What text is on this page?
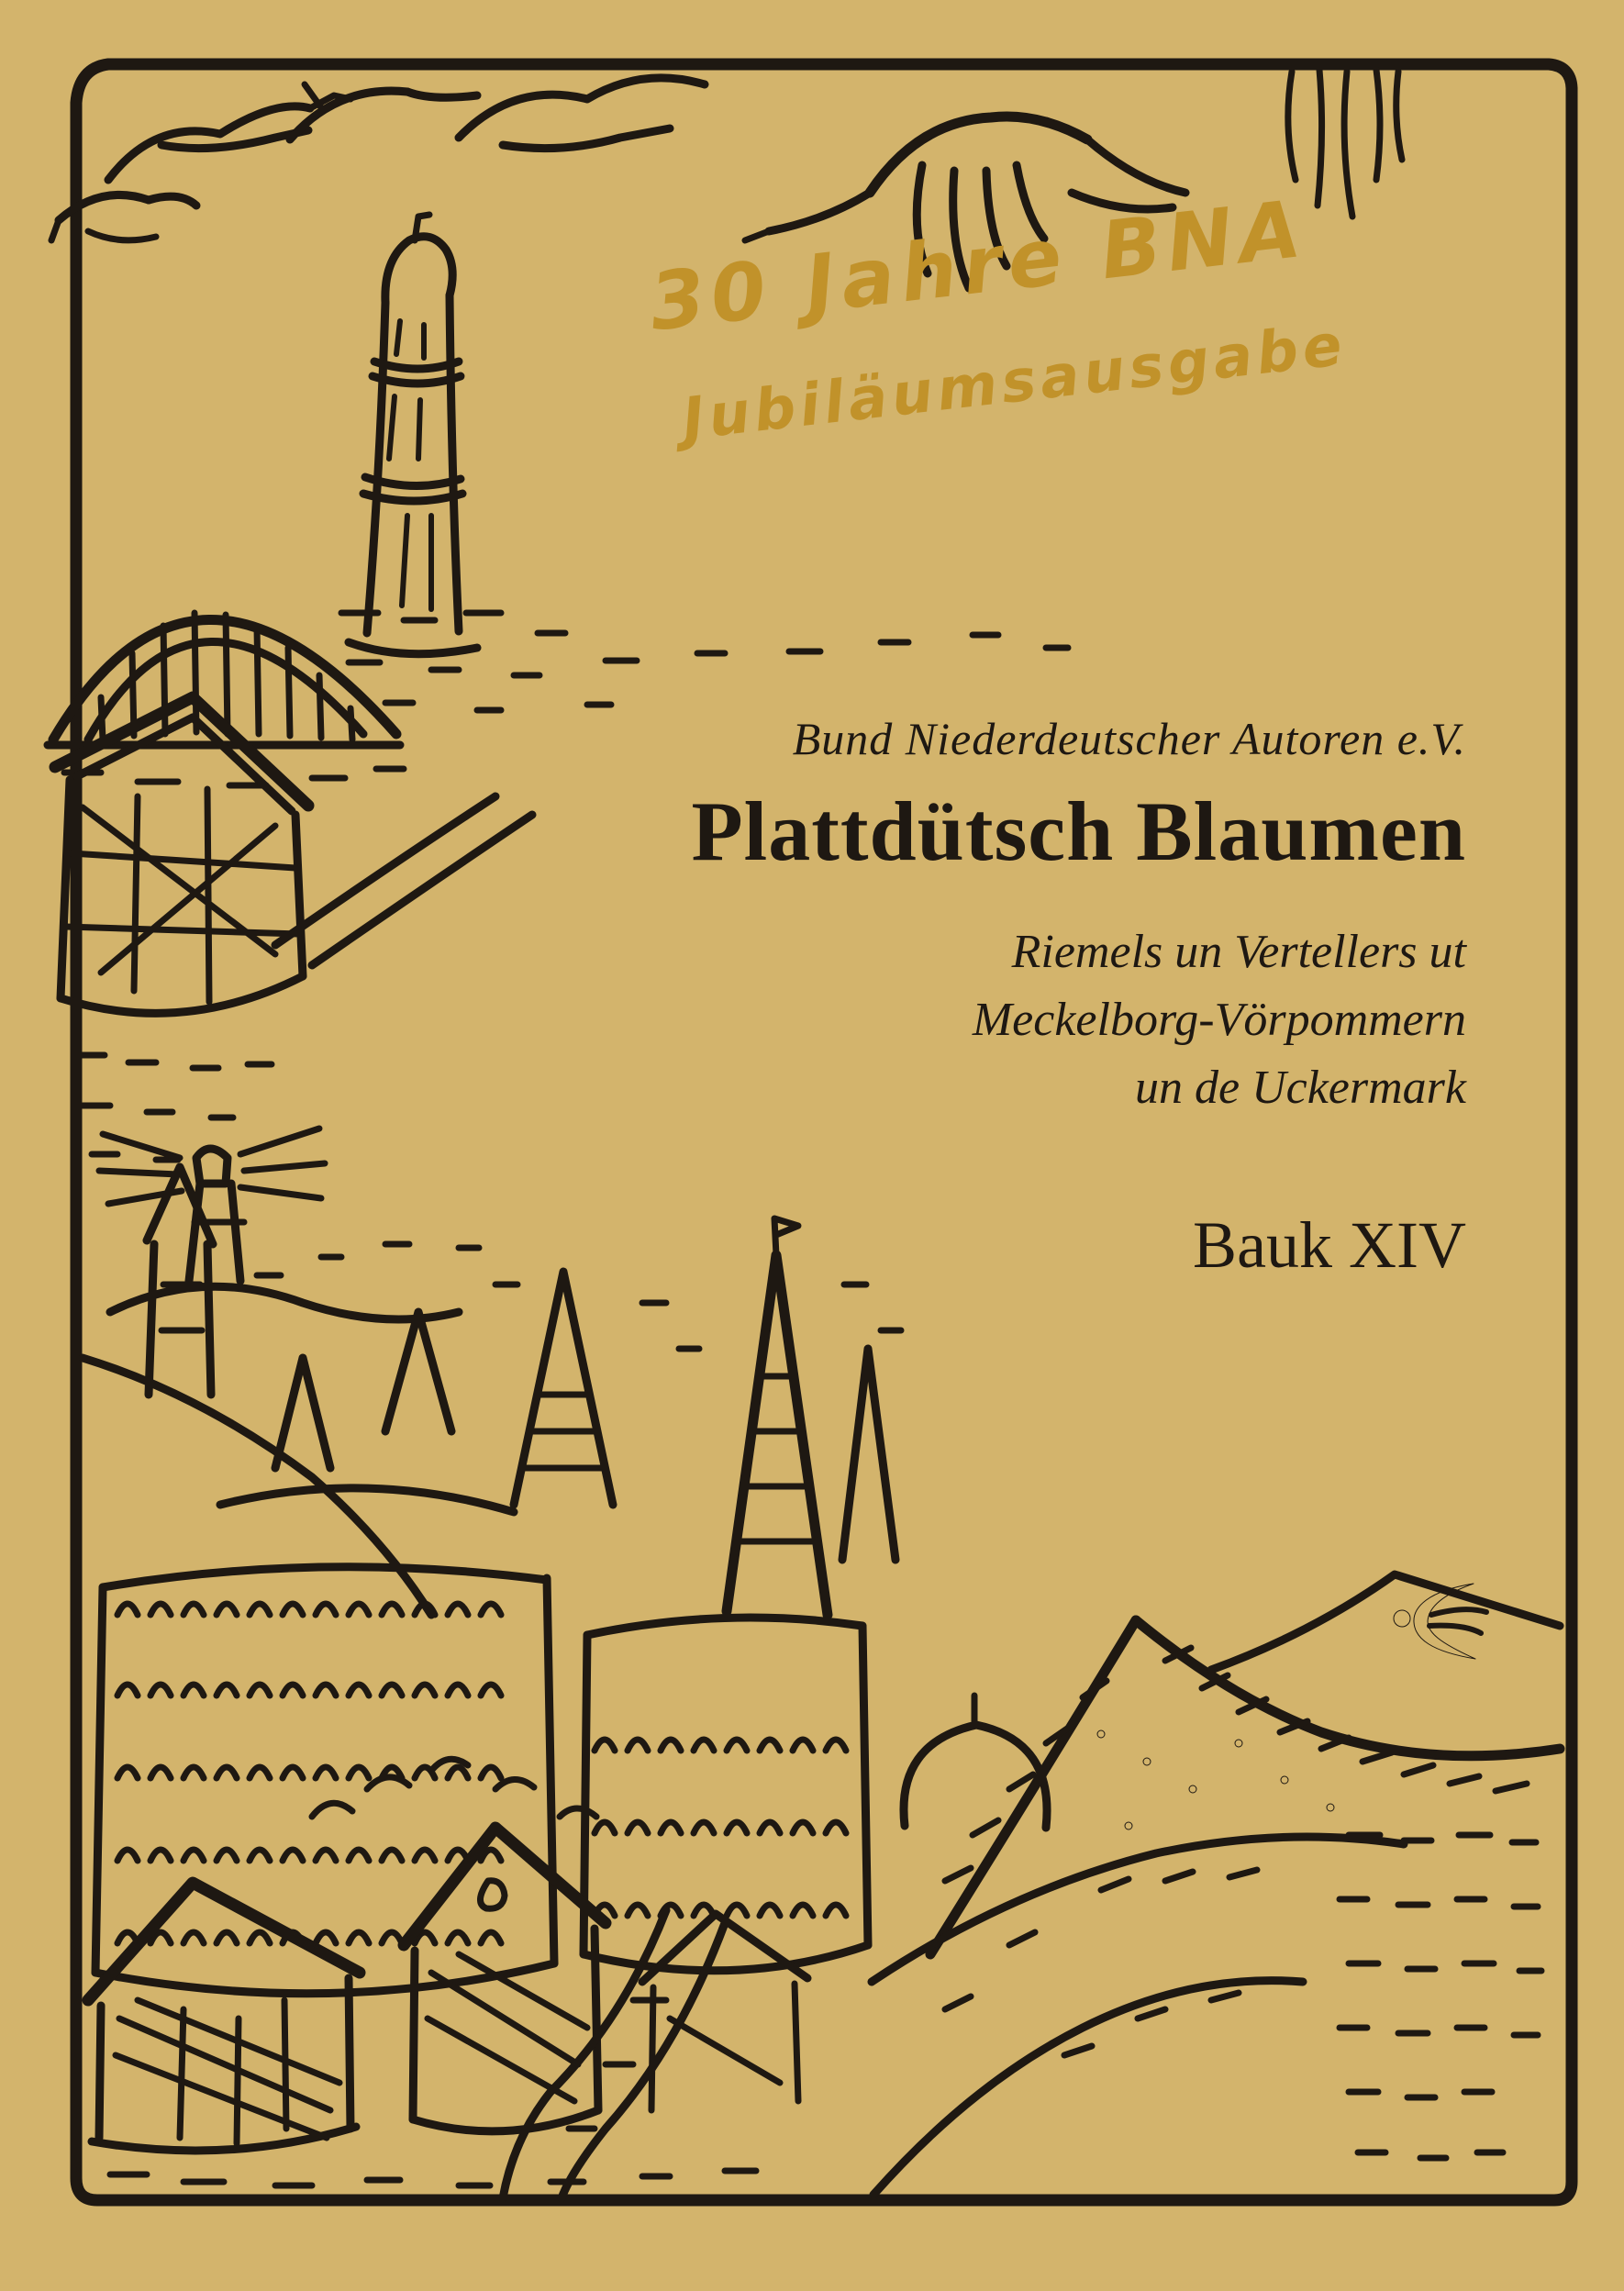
30 Jahre BNA
Jubiläumsausgabe
Bund Niederdeutscher Autoren e.V.
Plattdütsch Blaumen
Riemels un Vertellers ut
Meckelborg-Vörpommern
un de Uckermark
Bauk XIV
